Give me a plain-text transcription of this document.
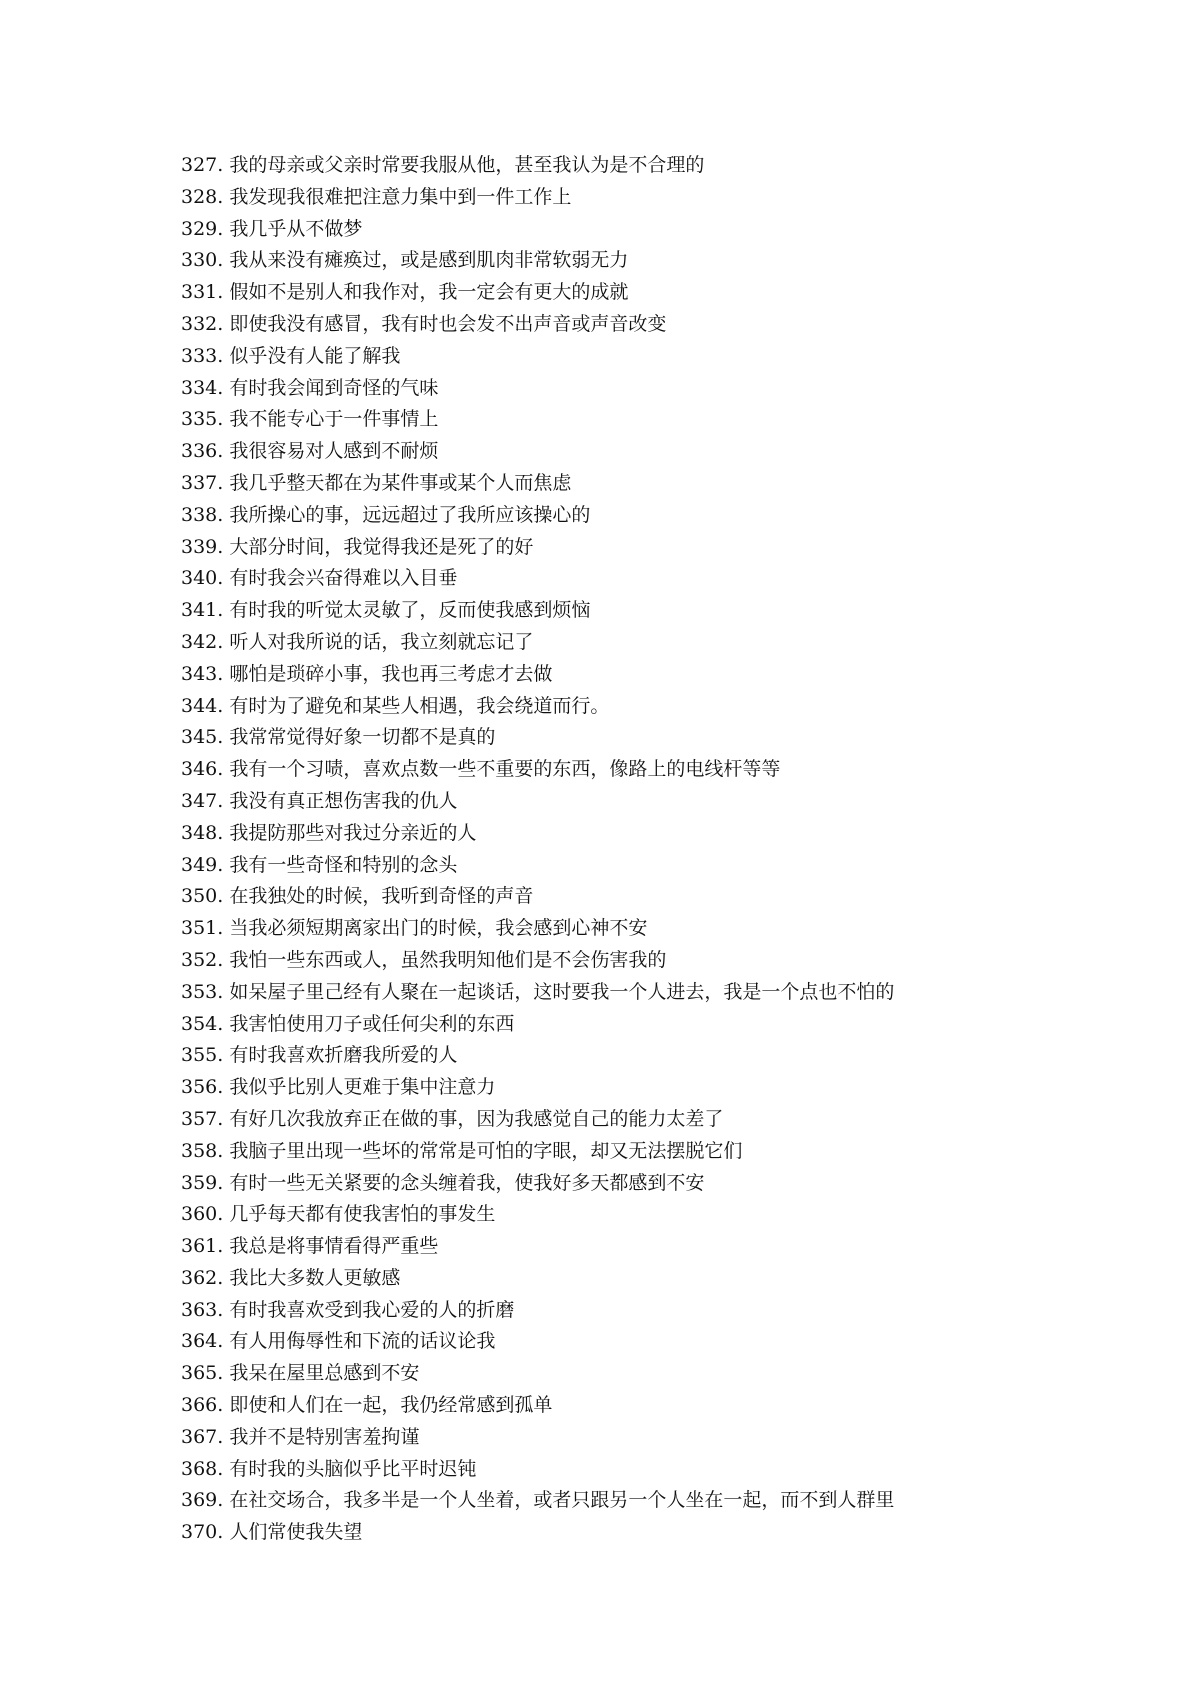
327. 我的母亲或父亲时常要我服从他，甚至我认为是不合理的
328. 我发现我很难把注意力集中到一件工作上
329. 我几乎从不做梦
330. 我从来没有瘫痪过，或是感到肌肉非常软弱无力
331. 假如不是别人和我作对，我一定会有更大的成就
332. 即使我没有感冒，我有时也会发不出声音或声音改变
333. 似乎没有人能了解我
334. 有时我会闻到奇怪的气味
335. 我不能专心于一件事情上
336. 我很容易对人感到不耐烦
337. 我几乎整天都在为某件事或某个人而焦虑
338. 我所操心的事，远远超过了我所应该操心的
339. 大部分时间，我觉得我还是死了的好
340. 有时我会兴奋得难以入目垂
341. 有时我的听觉太灵敏了，反而使我感到烦恼
342. 听人对我所说的话，我立刻就忘记了
343. 哪怕是琐碎小事，我也再三考虑才去做
344. 有时为了避免和某些人相遇，我会绕道而行。
345. 我常常觉得好象一切都不是真的
346. 我有一个习啧，喜欢点数一些不重要的东西，像路上的电线杆等等
347. 我没有真正想伤害我的仇人
348. 我提防那些对我过分亲近的人
349. 我有一些奇怪和特别的念头
350. 在我独处的时候，我听到奇怪的声音
351. 当我必须短期离家出门的时候，我会感到心神不安
352. 我怕一些东西或人，虽然我明知他们是不会伤害我的
353. 如呆屋子里己经有人聚在一起谈话，这时要我一个人进去，我是一个点也不怕的
354. 我害怕使用刀子或任何尖利的东西
355. 有时我喜欢折磨我所爱的人
356. 我似乎比别人更难于集中注意力
357. 有好几次我放弃正在做的事，因为我感觉自己的能力太差了
358. 我脑子里出现一些坏的常常是可怕的字眼，却又无法摆脱它们
359. 有时一些无关紧要的念头缠着我，使我好多天都感到不安
360. 几乎每天都有使我害怕的事发生
361. 我总是将事情看得严重些
362. 我比大多数人更敏感
363. 有时我喜欢受到我心爱的人的折磨
364. 有人用侮辱性和下流的话议论我
365. 我呆在屋里总感到不安
366. 即使和人们在一起，我仍经常感到孤单
367. 我并不是特别害羞拘谨
368. 有时我的头脑似乎比平时迟钝
369. 在社交场合，我多半是一个人坐着，或者只跟另一个人坐在一起，而不到人群里
370. 人们常使我失望
